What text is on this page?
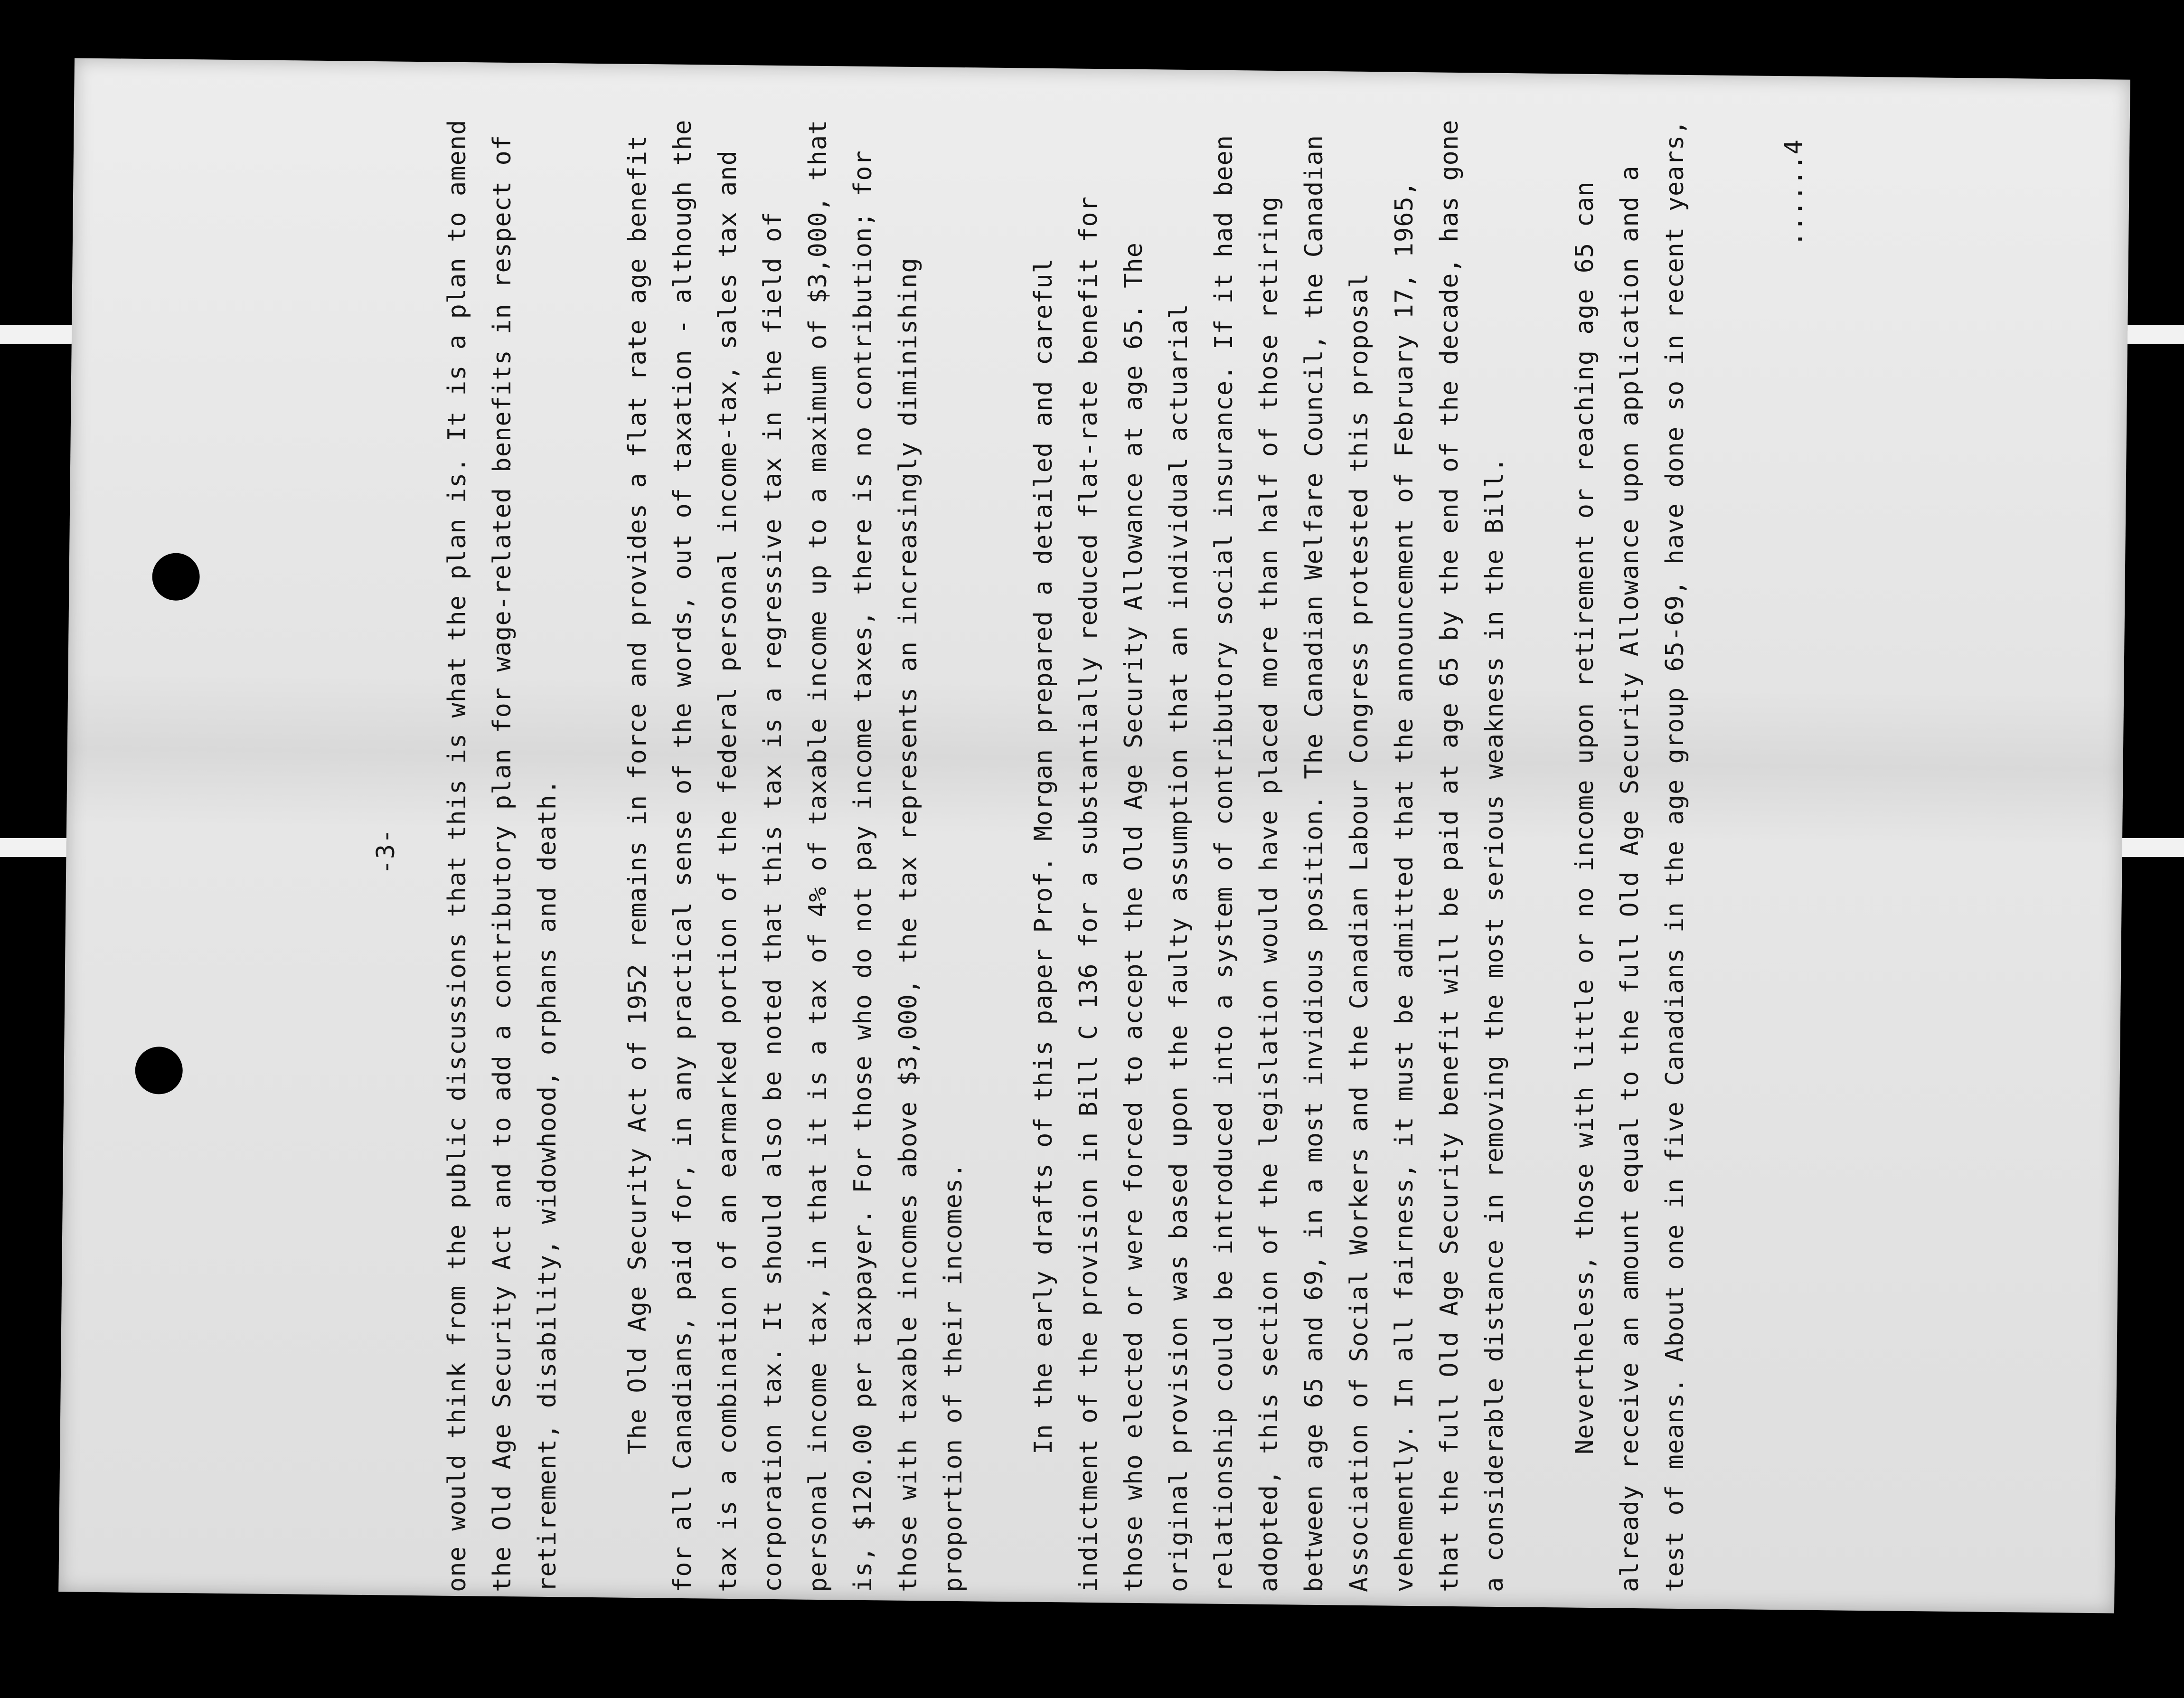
-3-	one would think from the public discussions that this is what the plan is. It is a plan to amend the Old Age Security Act and to add a contributory plan for wage-related benefits in respect of retirement, disability, widowhood, orphans and death.	The Old Age Security Act of 1952 remains in force and provides a flat rate age benefit for all Canadians, paid for, in any practical sense of the words, out of taxation - although the tax is a combination of an earmarked portion of the federal personal income-tax, sales tax and corporation tax. It should also be noted that this tax is a regressive tax in the field of personal income tax, in that it is a tax of 4% of taxable income up to a maximum of $3,000, that is, $120.00 per taxpayer. For those who do not pay income taxes, there is no contribution; for those with taxable incomes above $3,000, the tax represents an increasingly diminishing proportion of their incomes.	In the early drafts of this paper Prof. Morgan prepared a detailed and careful indictment of the provision in Bill C 136 for a substantially reduced flat-rate benefit for those who elected or were forced to accept the Old Age Security Allowance at age 65. The original provision was based upon the faulty assumption that an individual actuarial relationship could be introduced into a system of contributory social insurance. If it had been adopted, this section of the legislation would have placed more than half of those retiring between age 65 and 69, in a most invidious position. The Canadian Welfare Council, the Canadian Association of Social Workers and the Canadian Labour Congress protested this proposal vehemently. In all fairness, it must be admitted that the announcement of February 17, 1965, that the full Old Age Security benefit will be paid at age 65 by the end of the decade, has gone a considerable distance in removing the most serious weakness in the Bill.	Nevertheless, those with little or no income upon retirement or reaching age 65 can already receive an amount equal to the full Old Age Security Allowance upon application and a test of means. About one in five Canadians in the age group 65-69, have done so in recent years,	......4
